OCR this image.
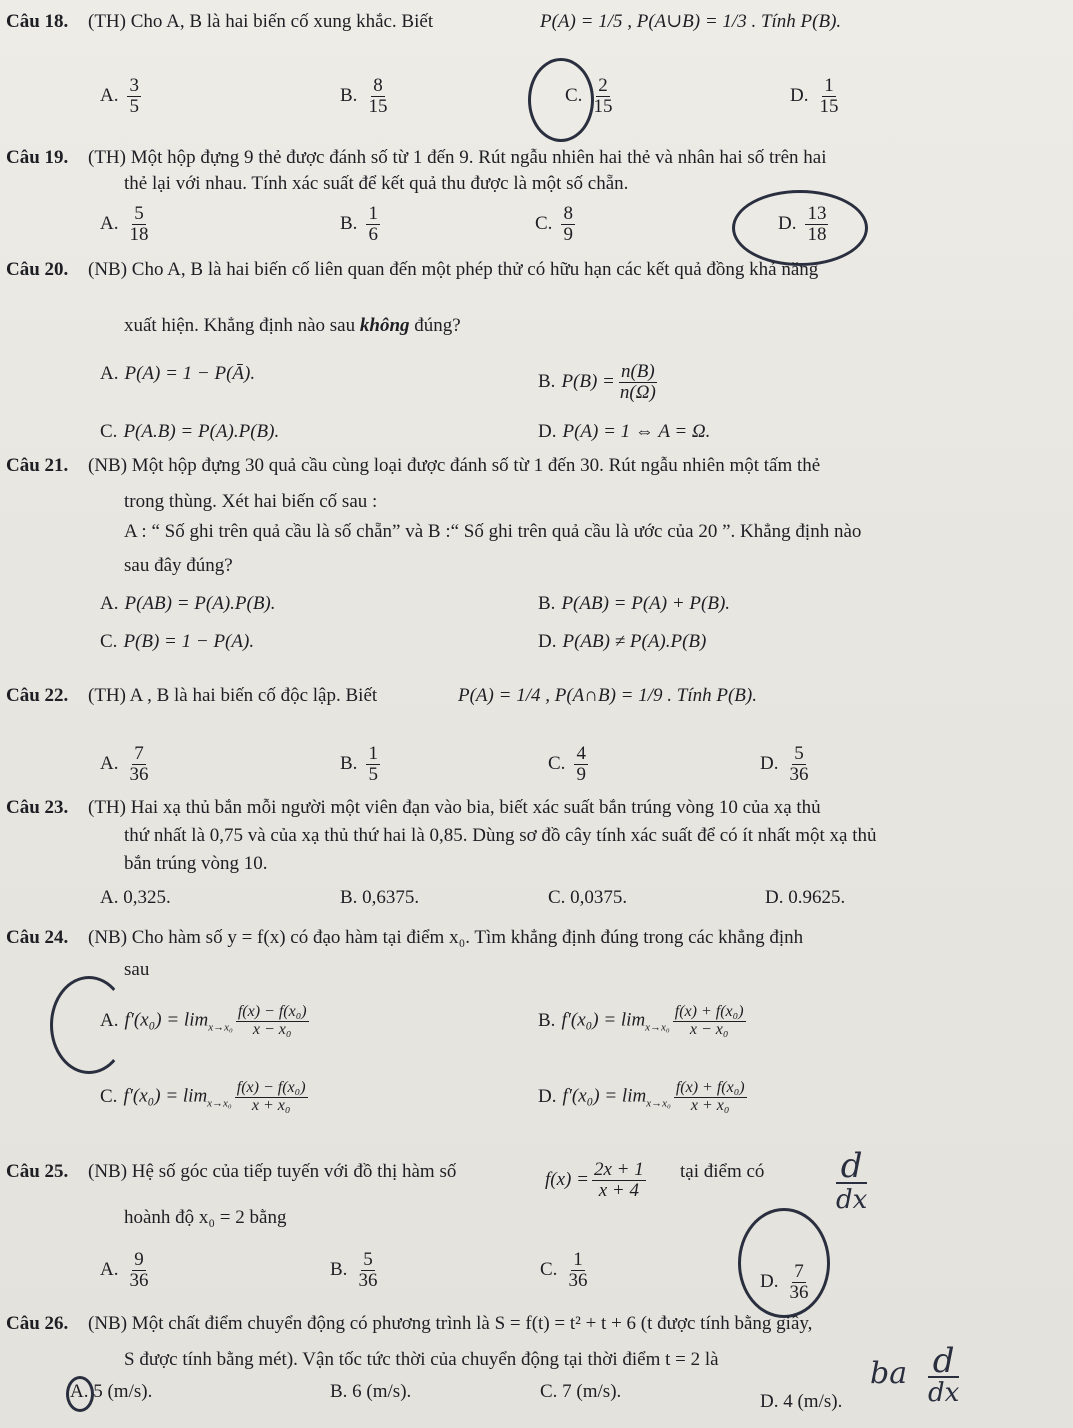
Câu 18. (TH) Cho A, B là hai biến cố xung khắc. Biết	P(A) = 1/5 , P(A∪B) = 1/3 . Tính P(B).
A. $\frac{3}{5}$	B. $\frac{8}{15}$	C. $\frac{2}{15}$	D. $\frac{1}{15}$
Câu 19. (TH) Một hộp đựng 9 thẻ được đánh số từ 1 đến 9. Rút ngẫu nhiên hai thẻ và nhân hai số trên hai
thẻ lại với nhau. Tính xác suất để kết quả thu được là một số chẵn.
A. $\frac{5}{18}$	B. $\frac{1}{6}$	C. $\frac{8}{9}$	D. $\frac{13}{18}$
Câu 20. (NB) Cho A, B là hai biến cố liên quan đến một phép thử có hữu hạn các kết quả đồng khả năng
xuất hiện. Khẳng định nào sau không đúng?
A. P(A) = 1 − P(Ā).	B. $P(B) = \frac{n(B)}{n(\Omega)}$
C. P(A.B) = P(A).P(B).	D. P(A) = 1 ⇔ A = Ω.
Câu 21. (NB) Một hộp đựng 30 quả cầu cùng loại được đánh số từ 1 đến 30. Rút ngẫu nhiên một tấm thẻ
trong thùng. Xét hai biến cố sau :
A : “ Số ghi trên quả cầu là số chẵn” và B :“ Số ghi trên quả cầu là ước của 20 ”. Khẳng định nào
sau đây đúng?
A. P(AB) = P(A).P(B).	B. P(AB) = P(A) + P(B).
C. P(B) = 1 − P(A).	D. P(AB) ≠ P(A).P(B)
Câu 22. (TH) A , B là hai biến cố độc lập. Biết	P(A) = 1/4 , P(A∩B) = 1/9 . Tính P(B).
A. $\frac{7}{36}$	B. $\frac{1}{5}$	C. $\frac{4}{9}$	D. $\frac{5}{36}$
Câu 23. (TH) Hai xạ thủ bắn mỗi người một viên đạn vào bia, biết xác suất bắn trúng vòng 10 của xạ thủ
thứ nhất là 0,75 và của xạ thủ thứ hai là 0,85. Dùng sơ đồ cây tính xác suất để có ít nhất một xạ thủ
bắn trúng vòng 10.
A. 0,325.	B. 0,6375.	C. 0,0375.	D. 0.9625.
Câu 24. (NB) Cho hàm số y = f(x) có đạo hàm tại điểm x₀. Tìm khẳng định đúng trong các khẳng định
sau
A. $f'(x_0) = \lim_{x\to x_0} \frac{\text{f(x) − f(x₀)}}{\text{x − x₀}}$	B. $f'(x_0) = \lim_{x\to x_0} \frac{\text{f(x) + f(x₀)}}{\text{x − x₀}}$
C. $f'(x_0) = \lim_{x\to x_0} \frac{\text{f(x) − f(x₀)}}{\text{x + x₀}}$	D. $f'(x_0) = \lim_{x\to x_0} \frac{\text{f(x) + f(x₀)}}{\text{x + x₀}}$
Câu 25. (NB) Hệ số góc của tiếp tuyến với đồ thị hàm số	$f(x) = \frac{2x + 1}{x + 4}$ tại điểm có
hoành độ x₀ = 2 bằng
A. $\frac{9}{36}$	B. $\frac{5}{36}$	C. $\frac{1}{36}$	D. $\frac{7}{36}$
d
dx
Câu 26. (NB) Một chất điểm chuyển động có phương trình là S = f(t) = t² + t + 6 (t được tính bằng giây,
S được tính bằng mét). Vận tốc tức thời của chuyển động tại thời điểm t = 2 là
A. 5 (m/s).	B. 6 (m/s).	C. 7 (m/s).	D. 4 (m/s).
ba d
dx
